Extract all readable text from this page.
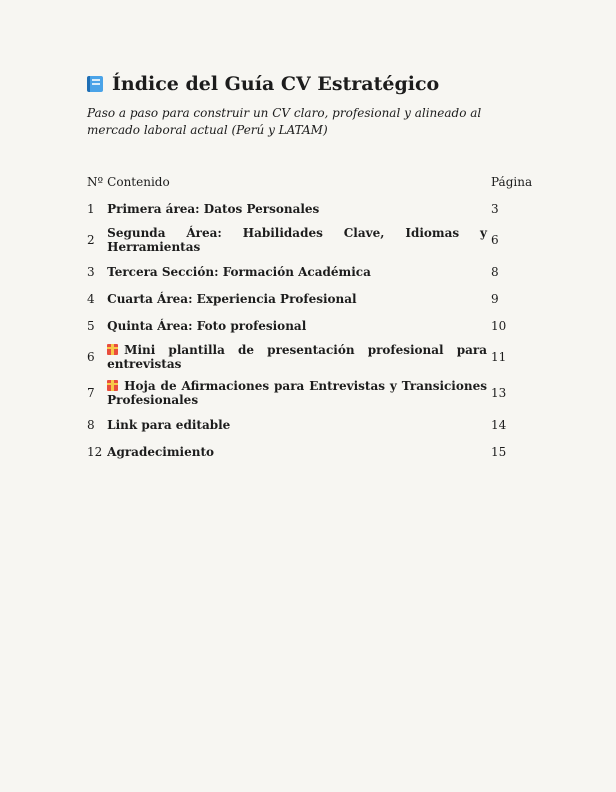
Índice del Guía CV Estratégico

Paso a paso para construir un CV claro, profesional y alineado al mercado laboral actual (Perú y LATAM)

Nº	Contenido	Página
1	Primera área: Datos Personales	3
2	Segunda Área: Habilidades Clave, Idiomas y Herramientas	6
3	Tercera Sección: Formación Académica	8
4	Cuarta Área: Experiencia Profesional	9
5	Quinta Área: Foto profesional	10
6	Mini plantilla de presentación profesional para entrevistas	11
7	Hoja de Afirmaciones para Entrevistas y Transiciones Profesionales	13
8	Link para editable	14
12	Agradecimiento	15
